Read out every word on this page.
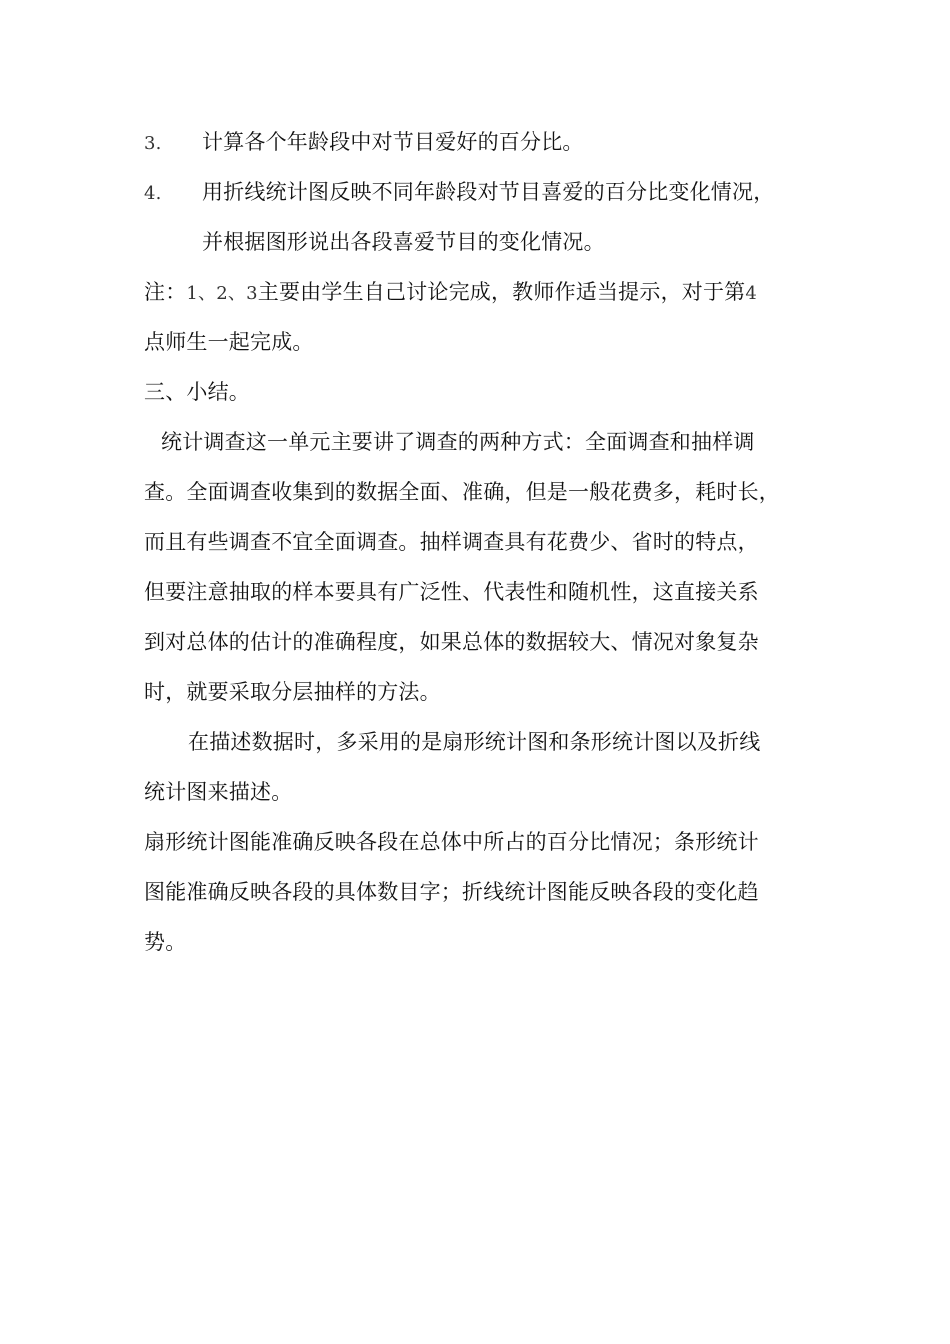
3. 计算各个年龄段中对节目爱好的百分比。
4. 用折线统计图反映不同年龄段对节目喜爱的百分比变化情况，
并根据图形说出各段喜爱节目的变化情况。
注：1、2、3主要由学生自己讨论完成，教师作适当提示，对于第4
点师生一起完成。
三、小结。
统计调查这一单元主要讲了调查的两种方式：全面调查和抽样调
查。全面调查收集到的数据全面、准确，但是一般花费多，耗时长，
而且有些调查不宜全面调查。抽样调查具有花费少、省时的特点，
但要注意抽取的样本要具有广泛性、代表性和随机性，这直接关系
到对总体的估计的准确程度，如果总体的数据较大、情况对象复杂
时，就要采取分层抽样的方法。
在描述数据时，多采用的是扇形统计图和条形统计图以及折线
统计图来描述。
扇形统计图能准确反映各段在总体中所占的百分比情况；条形统计
图能准确反映各段的具体数目字；折线统计图能反映各段的变化趋
势。
